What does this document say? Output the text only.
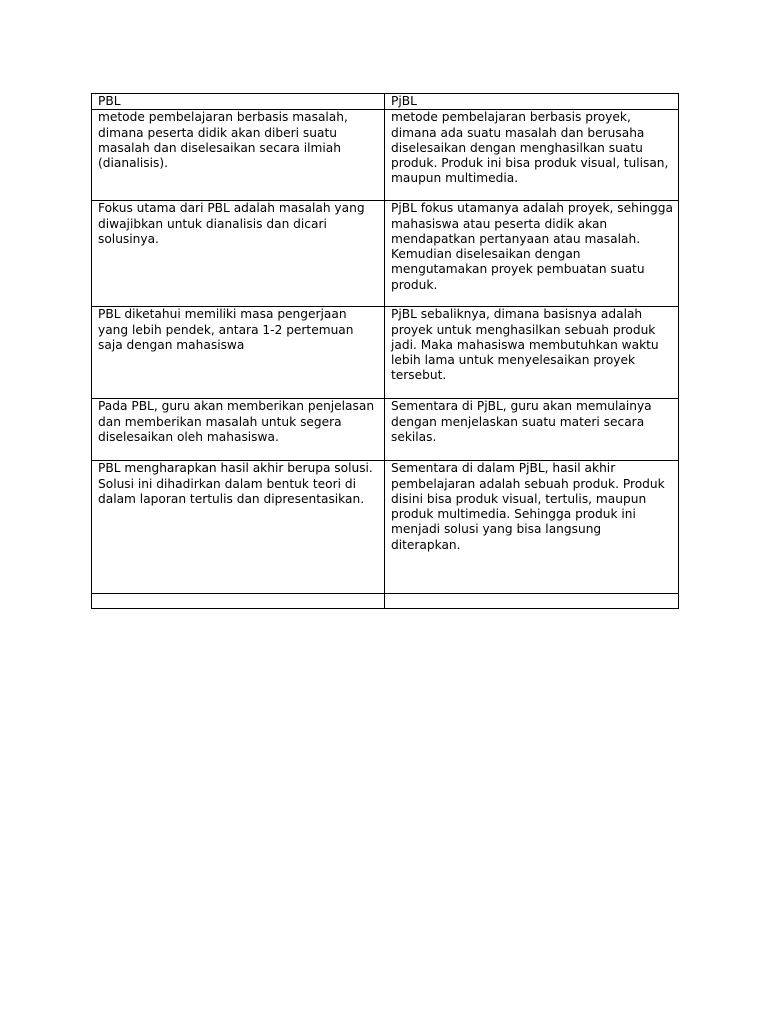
PBL	PjBL
metode pembelajaran berbasis masalah, dimana peserta didik akan diberi suatu masalah dan diselesaikan secara ilmiah (dianalisis).	metode pembelajaran berbasis proyek, dimana ada suatu masalah dan berusaha diselesaikan dengan menghasilkan suatu produk. Produk ini bisa produk visual, tulisan, maupun multimedia.
Fokus utama dari PBL adalah masalah yang diwajibkan untuk dianalisis dan dicari solusinya.	PjBL fokus utamanya adalah proyek, sehingga mahasiswa atau peserta didik akan mendapatkan pertanyaan atau masalah. Kemudian diselesaikan dengan mengutamakan proyek pembuatan suatu produk.
PBL diketahui memiliki masa pengerjaan yang lebih pendek, antara 1-2 pertemuan saja dengan mahasiswa	PjBL sebaliknya, dimana basisnya adalah proyek untuk menghasilkan sebuah produk jadi. Maka mahasiswa membutuhkan waktu lebih lama untuk menyelesaikan proyek tersebut.
Pada PBL, guru akan memberikan penjelasan dan memberikan masalah untuk segera diselesaikan oleh mahasiswa.	Sementara di PjBL, guru akan memulainya dengan menjelaskan suatu materi secara sekilas.
PBL mengharapkan hasil akhir berupa solusi. Solusi ini dihadirkan dalam bentuk teori di dalam laporan tertulis dan dipresentasikan.	Sementara di dalam PjBL, hasil akhir pembelajaran adalah sebuah produk. Produk disini bisa produk visual, tertulis, maupun produk multimedia. Sehingga produk ini menjadi solusi yang bisa langsung diterapkan.
